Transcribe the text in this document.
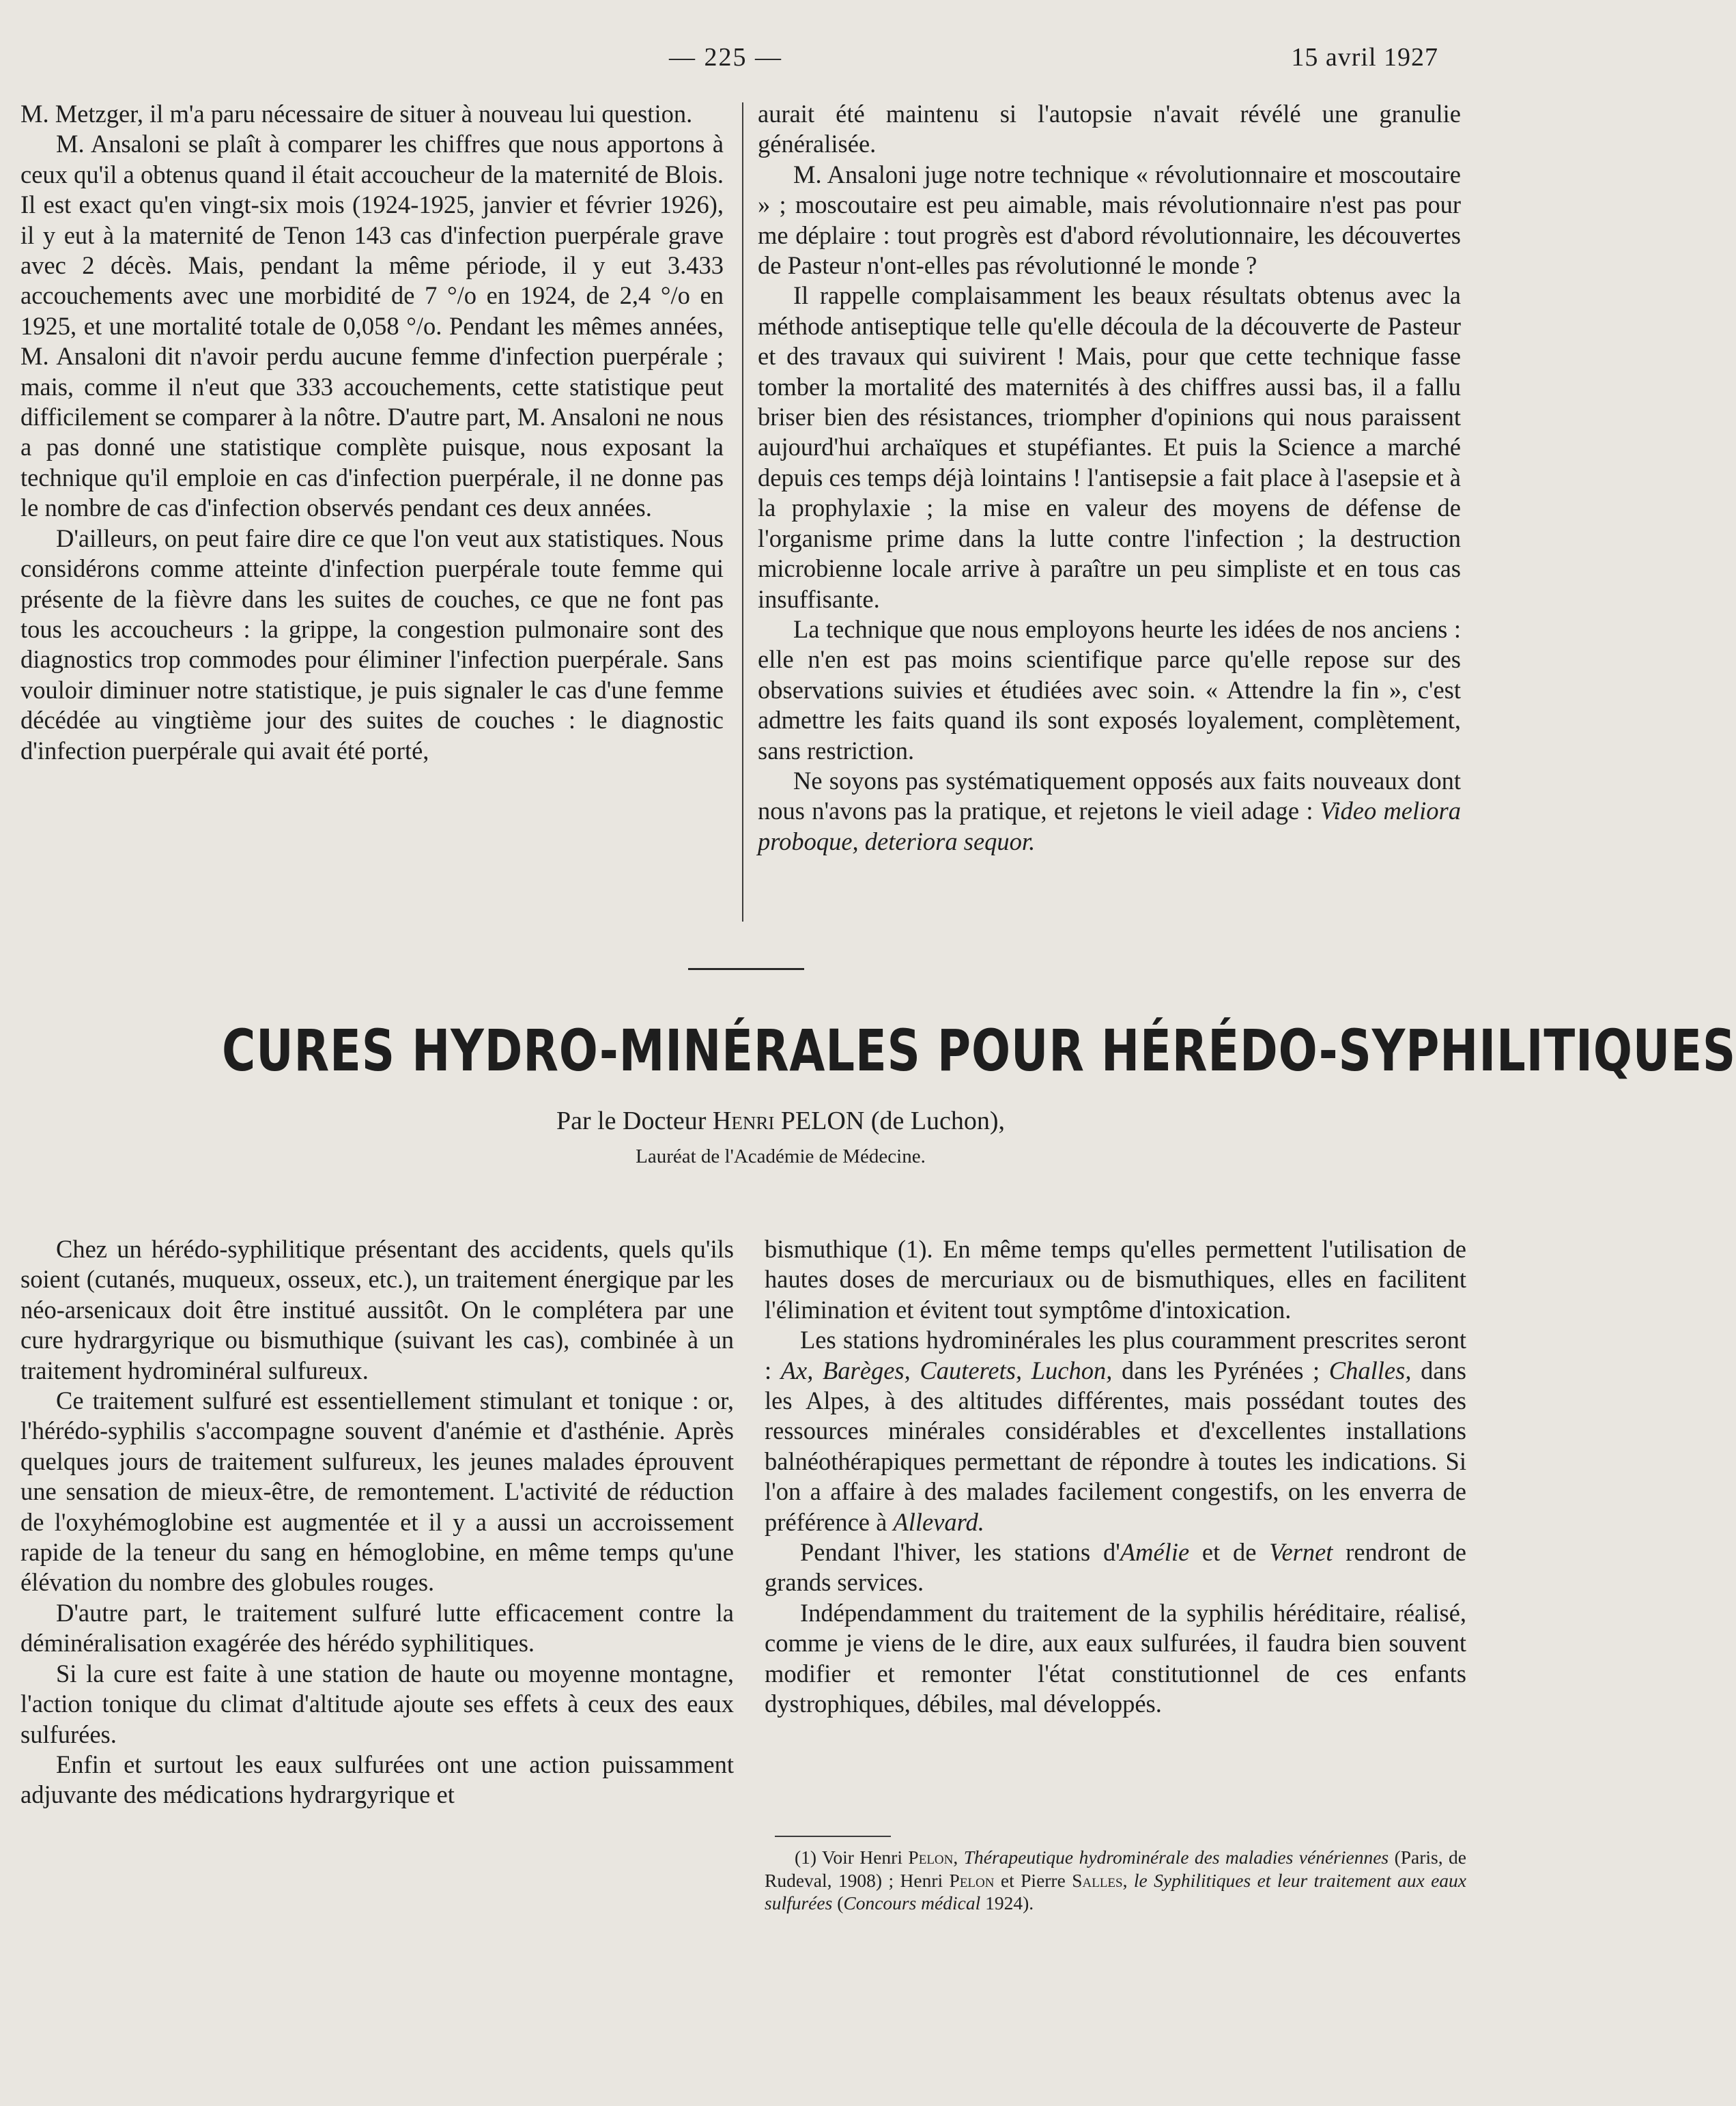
— 225 —	15 avril 1927

M. Metzger, il m'a paru nécessaire de situer à nouveau lui question.

M. Ansaloni se plaît à comparer les chiffres que nous apportons à ceux qu'il a obtenus quand il était accoucheur de la maternité de Blois. Il est exact qu'en vingt-six mois (1924-1925, janvier et février 1926), il y eut à la maternité de Tenon 143 cas d'infection puerpérale grave avec 2 décès. Mais, pendant la même période, il y eut 3.433 accouchements avec une morbidité de 7 °/o en 1924, de 2,4 °/o en 1925, et une mortalité totale de 0,058 °/o. Pendant les mêmes années, M. Ansaloni dit n'avoir perdu aucune femme d'infection puerpérale ; mais, comme il n'eut que 333 accouchements, cette statistique peut difficilement se comparer à la nôtre. D'autre part, M. Ansaloni ne nous a pas donné une statistique complète puisque, nous exposant la technique qu'il emploie en cas d'infection puerpérale, il ne donne pas le nombre de cas d'infection observés pendant ces deux années.

D'ailleurs, on peut faire dire ce que l'on veut aux statistiques. Nous considérons comme atteinte d'infection puerpérale toute femme qui présente de la fièvre dans les suites de couches, ce que ne font pas tous les accoucheurs : la grippe, la congestion pulmonaire sont des diagnostics trop commodes pour éliminer l'infection puerpérale. Sans vouloir diminuer notre statistique, je puis signaler le cas d'une femme décédée au vingtième jour des suites de couches : le diagnostic d'infection puerpérale qui avait été porté,

aurait été maintenu si l'autopsie n'avait révélé une granulie généralisée.

M. Ansaloni juge notre technique « révolutionnaire et moscoutaire » ; moscoutaire est peu aimable, mais révolutionnaire n'est pas pour me déplaire : tout progrès est d'abord révolutionnaire, les découvertes de Pasteur n'ont-elles pas révolutionné le monde ?

Il rappelle complaisamment les beaux résultats obtenus avec la méthode antiseptique telle qu'elle découla de la découverte de Pasteur et des travaux qui suivirent ! Mais, pour que cette technique fasse tomber la mortalité des maternités à des chiffres aussi bas, il a fallu briser bien des résistances, triompher d'opinions qui nous paraissent aujourd'hui archaïques et stupéfiantes. Et puis la Science a marché depuis ces temps déjà lointains ! l'antisepsie a fait place à l'asepsie et à la prophylaxie ; la mise en valeur des moyens de défense de l'organisme prime dans la lutte contre l'infection ; la destruction microbienne locale arrive à paraître un peu simpliste et en tous cas insuffisante.

La technique que nous employons heurte les idées de nos anciens : elle n'en est pas moins scientifique parce qu'elle repose sur des observations suivies et étudiées avec soin. « Attendre la fin », c'est admettre les faits quand ils sont exposés loyalement, complètement, sans restriction.

Ne soyons pas systématiquement opposés aux faits nouveaux dont nous n'avons pas la pratique, et rejetons le vieil adage : Video meliora proboque, deteriora sequor.

CURES HYDRO-MINÉRALES POUR HÉRÉDO-SYPHILITIQUES
Par le Docteur Henri PELON (de Luchon),
Lauréat de l'Académie de Médecine.

Chez un hérédo-syphilitique présentant des accidents, quels qu'ils soient (cutanés, muqueux, osseux, etc.), un traitement énergique par les néo-arsenicaux doit être institué aussitôt. On le complétera par une cure hydrargyrique ou bismuthique (suivant les cas), combinée à un traitement hydrominéral sulfureux.

Ce traitement sulfuré est essentiellement stimulant et tonique : or, l'hérédo-syphilis s'accompagne souvent d'anémie et d'asthénie. Après quelques jours de traitement sulfureux, les jeunes malades éprouvent une sensation de mieux-être, de remontement. L'activité de réduction de l'oxyhémoglobine est augmentée et il y a aussi un accroissement rapide de la teneur du sang en hémoglobine, en même temps qu'une élévation du nombre des globules rouges.

D'autre part, le traitement sulfuré lutte efficacement contre la déminéralisation exagérée des hérédo syphilitiques.

Si la cure est faite à une station de haute ou moyenne montagne, l'action tonique du climat d'altitude ajoute ses effets à ceux des eaux sulfurées.

Enfin et surtout les eaux sulfurées ont une action puissamment adjuvante des médications hydrargyrique et

bismuthique (1). En même temps qu'elles permettent l'utilisation de hautes doses de mercuriaux ou de bismuthiques, elles en facilitent l'élimination et évitent tout symptôme d'intoxication.

Les stations hydrominérales les plus couramment prescrites seront : Ax, Barèges, Cauterets, Luchon, dans les Pyrénées ; Challes, dans les Alpes, à des altitudes différentes, mais possédant toutes des ressources minérales considérables et d'excellentes installations balnéothérapiques permettant de répondre à toutes les indications. Si l'on a affaire à des malades facilement congestifs, on les enverra de préférence à Allevard.

Pendant l'hiver, les stations d'Amélie et de Vernet rendront de grands services.

Indépendamment du traitement de la syphilis héréditaire, réalisé, comme je viens de le dire, aux eaux sulfurées, il faudra bien souvent modifier et remonter l'état constitutionnel de ces enfants dystrophiques, débiles, mal développés.

(1) Voir Henri Pelon, Thérapeutique hydrominérale des maladies vénériennes (Paris, de Rudeval, 1908) ; Henri Pelon et Pierre Salles, le Syphilitiques et leur traitement aux eaux sulfurées (Concours médical 1924).
